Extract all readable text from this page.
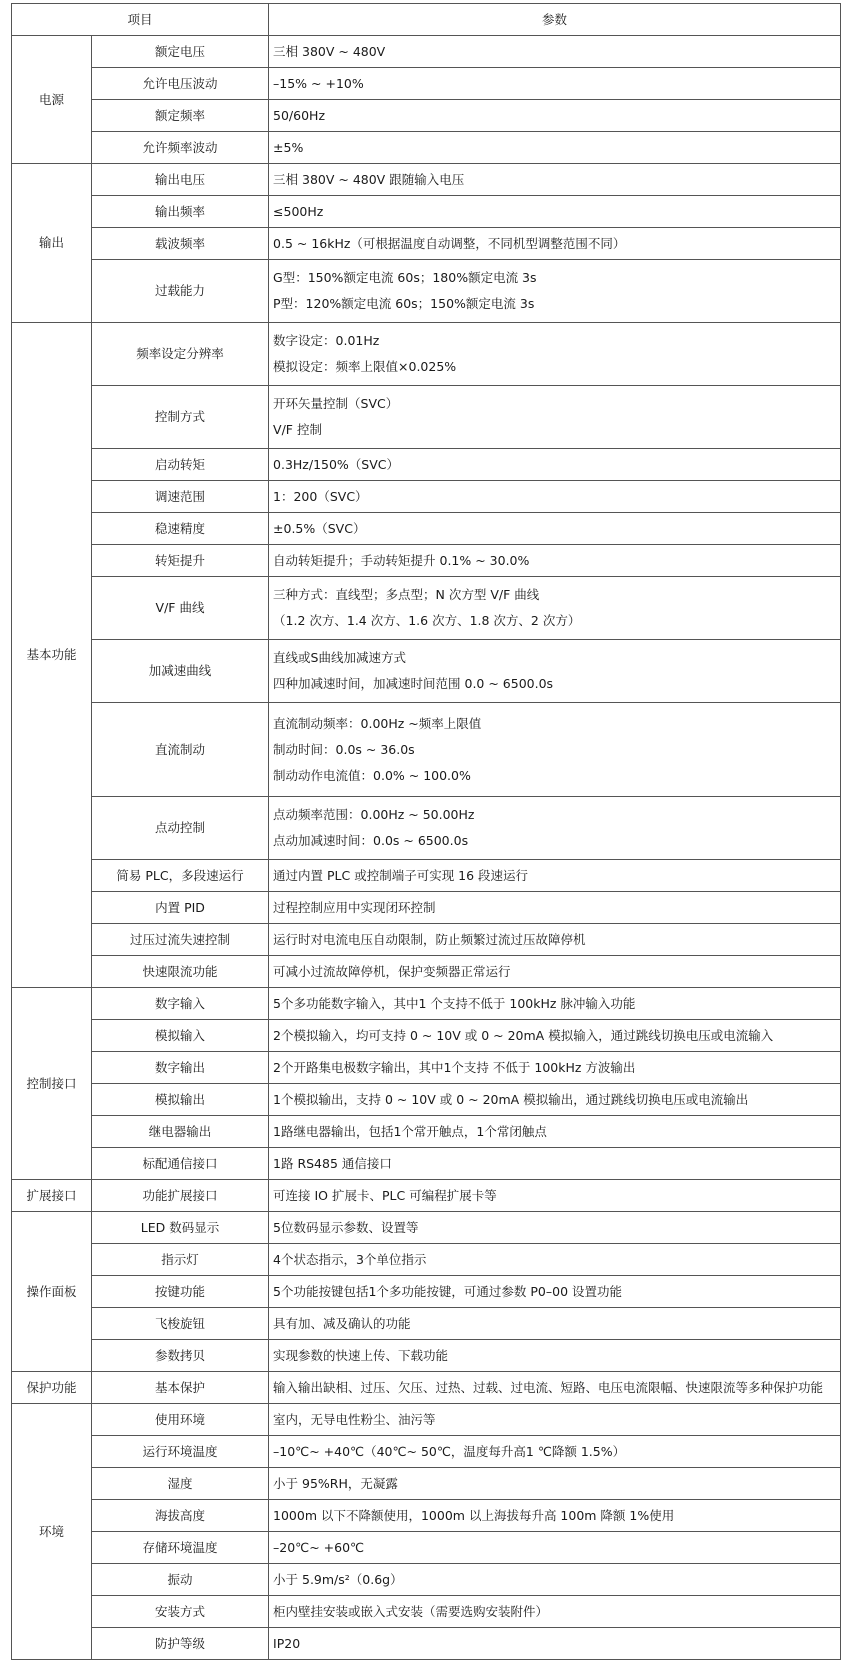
项目		参数
电源	额定电压	三相 380V ~ 480V

	允许电压波动	–15% ~ +10%

	额定频率	50/60Hz

	允许频率波动	±5%

输出	输出电压	三相 380V ~ 480V 跟随输入电压

	输出频率	≤500Hz

	载波频率	0.5 ~ 16kHz（可根据温度自动调整，不同机型调整范围不同）

	过载能力	G型：150%额定电流 60s；180%额定电流 3s
P型：120%额定电流 60s；150%额定电流 3s

基本功能	频率设定分辨率	数字设定：0.01Hz
模拟设定：频率上限值×0.025%

	控制方式	开环矢量控制（SVC）
V/F 控制

	启动转矩	0.3Hz/150%（SVC）

	调速范围	1：200（SVC）

	稳速精度	±0.5%（SVC）

	转矩提升	自动转矩提升；手动转矩提升 0.1% ~ 30.0%

	V/F 曲线	三种方式：直线型；多点型；N 次方型 V/F 曲线
（1.2 次方、1.4 次方、1.6 次方、1.8 次方、2 次方）

	加减速曲线	直线或S曲线加减速方式
四种加减速时间，加减速时间范围 0.0 ~ 6500.0s

	直流制动	直流制动频率：0.00Hz ~频率上限值
制动时间：0.0s ~ 36.0s
制动动作电流值：0.0% ~ 100.0%

	点动控制	点动频率范围：0.00Hz ~ 50.00Hz
点动加减速时间：0.0s ~ 6500.0s

	简易 PLC，多段速运行	通过内置 PLC 或控制端子可实现 16 段速运行

	内置 PID	过程控制应用中实现闭环控制

	过压过流失速控制	运行时对电流电压自动限制，防止频繁过流过压故障停机

	快速限流功能	可减小过流故障停机，保护变频器正常运行

控制接口	数字输入	5个多功能数字输入，其中1 个支持不低于 100kHz 脉冲输入功能

	模拟输入	2个模拟输入，均可支持 0 ~ 10V 或 0 ~ 20mA 模拟输入，通过跳线切换电压或电流输入

	数字输出	2个开路集电极数字输出，其中1个支持 不低于 100kHz 方波输出

	模拟输出	1个模拟输出，支持 0 ~ 10V 或 0 ~ 20mA 模拟输出，通过跳线切换电压或电流输出

	继电器输出	1路继电器输出，包括1个常开触点，1个常闭触点

	标配通信接口	1路 RS485 通信接口

扩展接口	功能扩展接口	可连接 IO 扩展卡、PLC 可编程扩展卡等

操作面板	LED 数码显示	5位数码显示参数、设置等

	指示灯	4个状态指示，3个单位指示

	按键功能	5个功能按键包括1个多功能按键，可通过参数 P0–00 设置功能

	飞梭旋钮	具有加、减及确认的功能

	参数拷贝	实现参数的快速上传、下载功能

保护功能	基本保护	输入输出缺相、过压、欠压、过热、过载、过电流、短路、电压电流限幅、快速限流等多种保护功能

环境	使用环境	室内，无导电性粉尘、油污等

	运行环境温度	–10℃~ +40℃（40℃~ 50℃，温度每升高1 ℃降额 1.5%）

	湿度	小于 95%RH，无凝露

	海拔高度	1000m 以下不降额使用，1000m 以上海拔每升高 100m 降额 1%使用

	存储环境温度	–20℃~ +60℃

	振动	小于 5.9m/s²（0.6g）

	安装方式	柜内壁挂安装或嵌入式安装（需要选购安装附件）

	防护等级	IP20
